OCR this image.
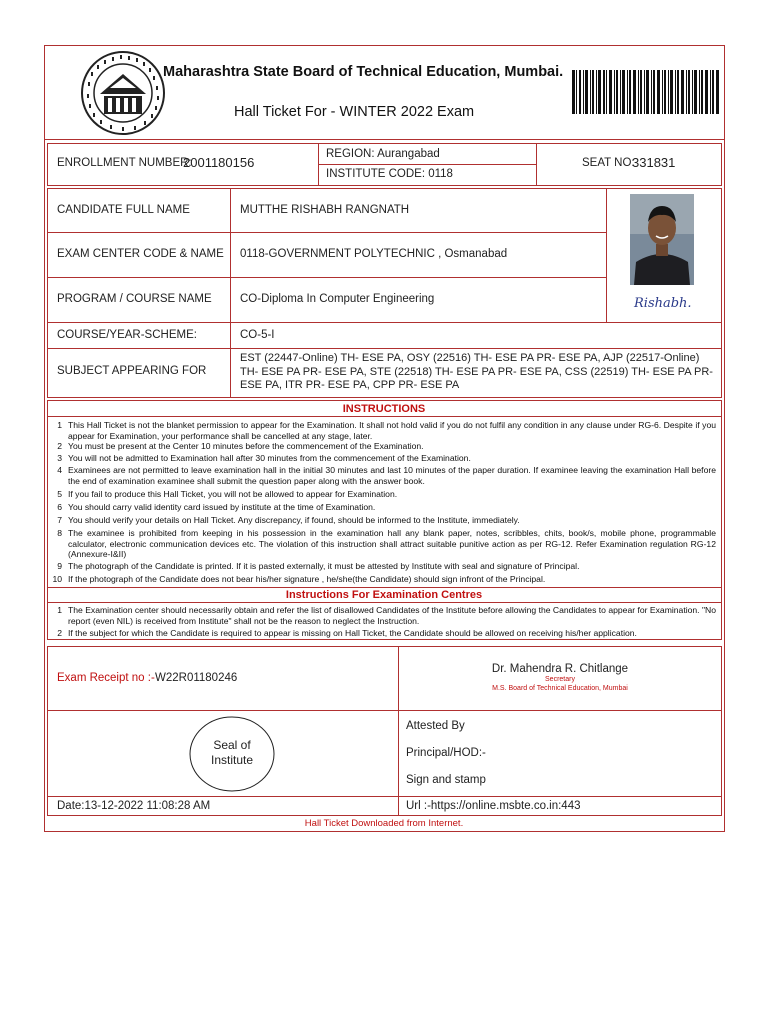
Maharashtra State Board of Technical Education, Mumbai.
Hall Ticket For - WINTER 2022 Exam
ENROLLMENT NUMBER:
2001180156
REGION: Aurangabad
INSTITUTE CODE: 0118
SEAT NO:
331831
CANDIDATE FULL NAME	MUTTHE RISHABH RANGNATH
EXAM CENTER CODE & NAME 0118-GOVERNMENT POLYTECHNIC , Osmanabad
PROGRAM / COURSE NAME CO-Diploma In Computer Engineering
COURSE/YEAR-SCHEME:	CO-5-I
SUBJECT APPEARING FOR
EST (22447-Online) TH- ESE PA, OSY (22516) TH- ESE PA PR- ESE PA, AJP (22517-Online) TH- ESE PA PR- ESE PA, STE (22518) TH- ESE PA PR- ESE PA, CSS (22519) TH- ESE PA PR- ESE PA, ITR PR- ESE PA, CPP PR- ESE PA
Rishabh.
INSTRUCTIONS
1 This Hall Ticket is not the blanket permission to appear for the Examination. It shall not hold valid if you do not fulfil any condition in any clause under RG-6. Despite if you appear for Examination, your performance shall be cancelled at any stage, later.
2 You must be present at the Center 10 minutes before the commencement of the Examination.
3 You will not be admitted to Examination hall after 30 minutes from the commencement of the Examination.
4 Examinees are not permitted to leave examination hall in the initial 30 minutes and last 10 minutes of the paper duration. If examinee leaving the examination Hall before the end of examination examinee shall submit the question paper along with the answer book.
5 If you fail to produce this Hall Ticket, you will not be allowed to appear for Examination.
6 You should carry valid identity card issued by institute at the time of Examination.
7 You should verify your details on Hall Ticket. Any discrepancy, if found, should be informed to the Institute, immediately.
8 The examinee is prohibited from keeping in his possession in the examination hall any blank paper, notes, scribbles, chits, book/s, mobile phone, programmable calculator, electronic communication devices etc. The violation of this instruction shall attract suitable punitive action as per RG-12. Refer Examination regulation RG-12 (Annexure-I&II)
9 The photograph of the Candidate is printed. If it is pasted externally, it must be attested by Institute with seal and signature of Principal.
10 If the photograph of the Candidate does not bear his/her signature , he/she(the Candidate) should sign infront of the Principal.
Instructions For Examination Centres
1 The Examination center should necessarily obtain and refer the list of disallowed Candidates of the Institute before allowing the Candidates to appear for Examination. "No report (even NIL) is received from Institute" shall not be the reason to neglect the Instruction.
2 If the subject for which the Candidate is required to appear is missing on Hall Ticket, the Candidate should be allowed on receiving his/her application.
Exam Receipt no :- W22R01180246
Dr. Mahendra R. Chitlange
Secretary
M.S. Board of Technical Education, Mumbai
Seal of
Institute
Attested By
Principal/HOD:-
Sign and stamp
Date:13-12-2022 11:08:28 AM	Url :-https://online.msbte.co.in:443
Hall Ticket Downloaded from Internet.
